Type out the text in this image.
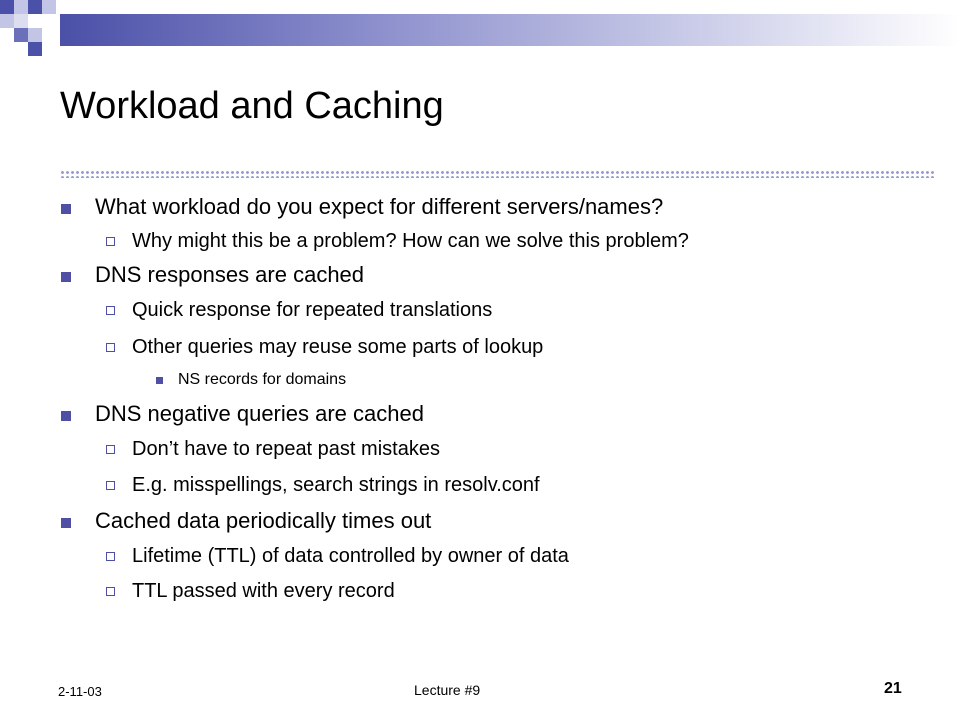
Workload and Caching
What workload do you expect for different servers/names?
Why might this be a problem? How can we solve this problem?
DNS responses are cached
Quick response for repeated translations
Other queries may reuse some parts of lookup
NS records for domains
DNS negative queries are cached
Don’t have to repeat past mistakes
E.g. misspellings, search strings in resolv.conf
Cached data periodically times out
Lifetime (TTL) of data controlled by owner of data
TTL passed with every record
2-11-03	Lecture #9	21
